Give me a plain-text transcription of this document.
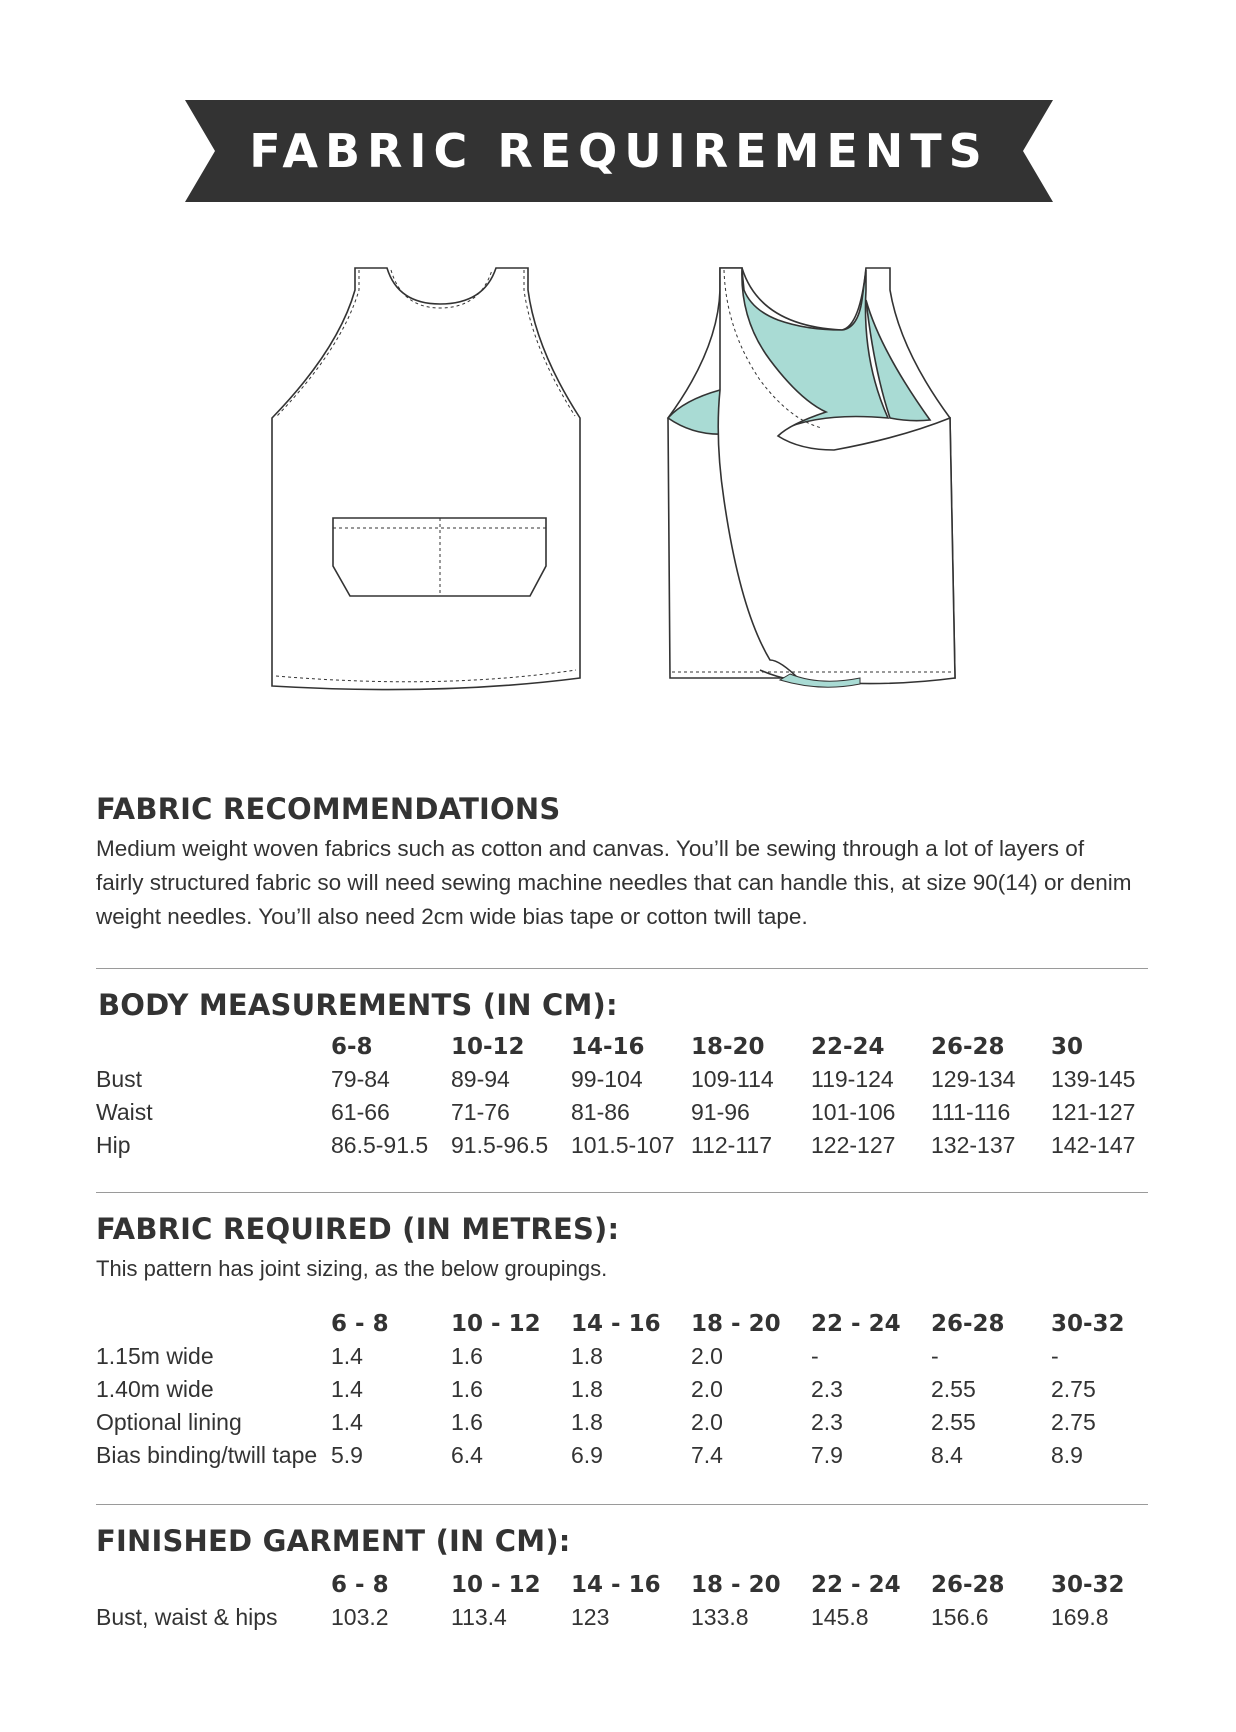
FABRIC REQUIREMENTS
FABRIC RECOMMENDATIONS

Medium weight woven fabrics such as cotton and canvas. You’ll be sewing through a lot of layers of
fairly structured fabric so will need sewing machine needles that can handle this, at size 90(14) or denim
weight needles. You’ll also need 2cm wide bias tape or cotton twill tape.

BODY MEASUREMENTS (IN CM):
	6-8	10-12	14-16	18-20	22-24	26-28	30
Bust	79-84	89-94	99-104	109-114	119-124	129-134	139-145
Waist	61-66	71-76	81-86	91-96	101-106	111-116	121-127
Hip	86.5-91.5	91.5-96.5	101.5-107	112-117	122-127	132-137	142-147
FABRIC REQUIRED (IN METRES):

This pattern has joint sizing, as the below groupings.

	6 - 8	10 - 12	14 - 16	18 - 20	22 - 24	26-28	30-32
1.15m wide	1.4	1.6	1.8	2.0	-	-	-
1.40m wide	1.4	1.6	1.8	2.0	2.3	2.55	2.75
Optional lining	1.4	1.6	1.8	2.0	2.3	2.55	2.75
Bias binding/twill tape	5.9	6.4	6.9	7.4	7.9	8.4	8.9
FINISHED GARMENT (IN CM):
	6 - 8	10 - 12	14 - 16	18 - 20	22 - 24	26-28	30-32
Bust, waist & hips	103.2	113.4	123	133.8	145.8	156.6	169.8
